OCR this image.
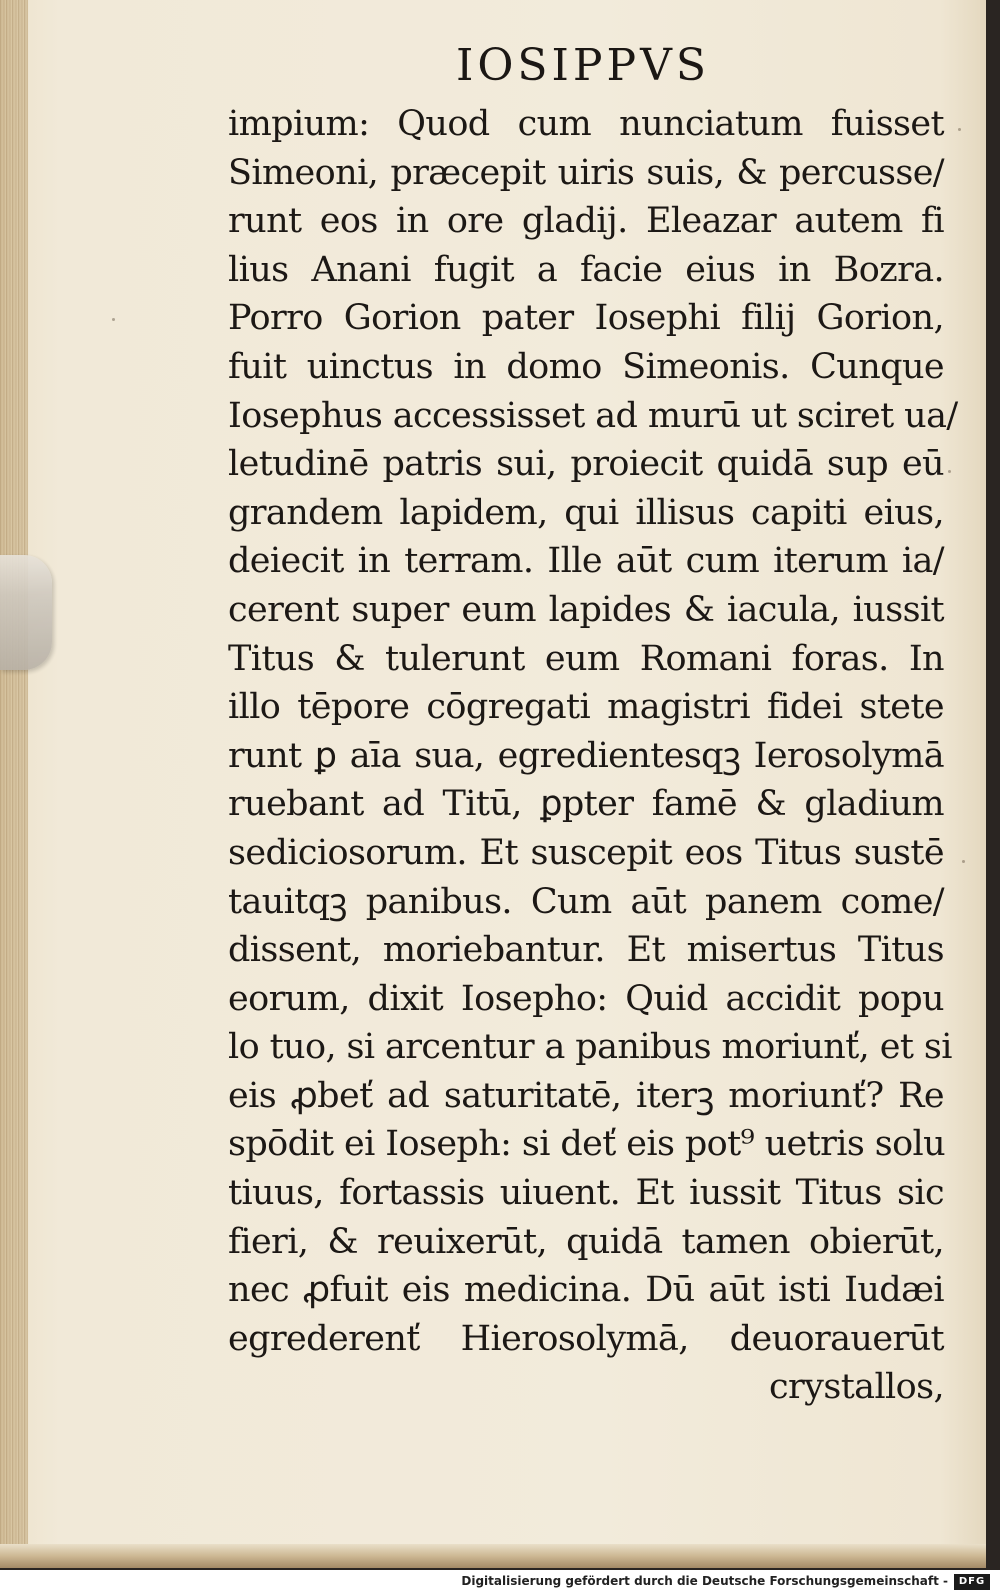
IOSIPPVS
impium: Quod cum nunciatum fuisset
Simeoni, præcepit uiris suis, & percusse/
runt eos in ore gladij. Eleazar autem fi
lius Anani fugit a facie eius in Bozra.
Porro Gorion pater Iosephi filij Gorion,
fuit uinctus in domo Simeonis. Cunque
Iosephus accessisset ad murū ut sciret ua/
letudinē patris sui, proiecit quidā sup eū
grandem lapidem, qui illisus capiti eius,
deiecit in terram. Ille aūt cum iterum ia/
cerent super eum lapides & iacula, iussit
Titus & tulerunt eum Romani foras. In
illo tēpore cōgregati magistri fidei stete
runt ꝑ aīa sua, egredientesqꝫ Ierosolymā
ruebant ad Titū, ꝑpter famē & gladium
sediciosorum. Et suscepit eos Titus sustē
tauitqꝫ panibus. Cum aūt panem come/
dissent, moriebantur. Et misertus Titus
eorum, dixit Iosepho: Quid accidit popu
lo tuo, si arcentur a panibus moriunť, et si
eis ꝓbeť ad saturitatē, iterꝫ moriunť? Re
spōdit ei Ioseph: si deť eis pot⁹ uetris solu
tiuus, fortassis uiuent. Et iussit Titus sic
fieri, & reuixerūt, quidā tamen obierūt,
nec ꝓfuit eis medicina. Dū aūt isti Iudæi
egrederenť Hierosolymā, deuorauerūt
crystallos,
Digitalisierung gefördert durch die Deutsche Forschungsgemeinschaft -	DFG
